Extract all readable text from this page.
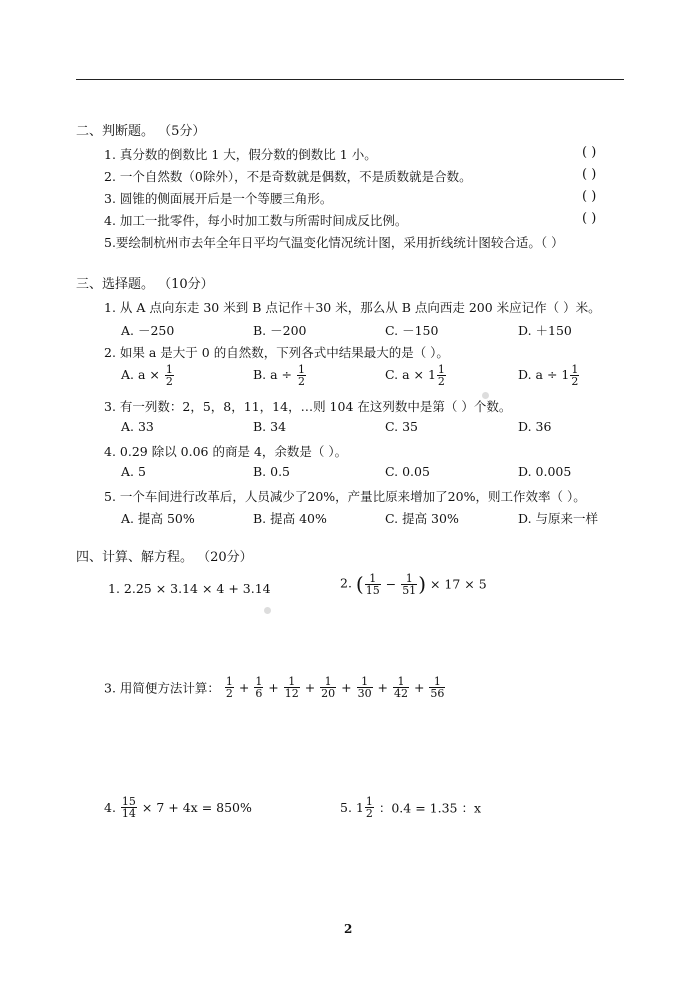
二、判断题。 （5分）
1. 真分数的倒数比 1 大，假分数的倒数比 1 小。	( )
2. 一个自然数（0除外），不是奇数就是偶数，不是质数就是合数。	( )
3. 圆锥的侧面展开后是一个等腰三角形。	( )
4. 加工一批零件，每小时加工数与所需时间成反比例。	( )
5.要绘制杭州市去年全年日平均气温变化情况统计图，采用折线统计图较合适。（ ）
三、选择题。 （10分）
1. 从 A 点向东走 30 米到 B 点记作＋30 米，那么从 B 点向西走 200 米应记作（ ）米。
A. －250	B. －200	C. －150	D. ＋150
2. 如果 a 是大于 0 的自然数，下列各式中结果最大的是（ ）。
A. $a \times \frac{1}{2}$	B. $a \div \frac{1}{2}$	C. $a \times 1 \frac{1}{2}$	D. $a \div 1 \frac{1}{2}$
3. 有一列数：2，5，8，11，14，…则 104 在这列数中是第（ ）个数。
A. 33	B. 34	C. 35	D. 36
4. 0.29 除以 0.06 的商是 4，余数是（ ）。
A. 5	B. 0.5	C. 0.05	D. 0.005
5. 一个车间进行改革后，人员减少了20%，产量比原来增加了20%，则工作效率（ ）。
A. 提高 50%	B. 提高 40%	C. 提高 30%	D. 与原来一样
四、计算、解方程。 （20分）
1. 2.25 × 3.14 × 4 + 3.14	2. ( $\frac{1}{15} - \frac{1}{51}$ ) × 17 × 5
3. 用简便方法计算： $\frac{1}{2} + \frac{1}{6} + \frac{1}{12} + \frac{1}{20} + \frac{1}{30} + \frac{1}{42} + \frac{1}{56}$
4. $\frac{15}{14} \times 7 + 4x = 850\%$	5. $1 \frac{1}{2}$ ：0.4 = 1.35 ：x
2
